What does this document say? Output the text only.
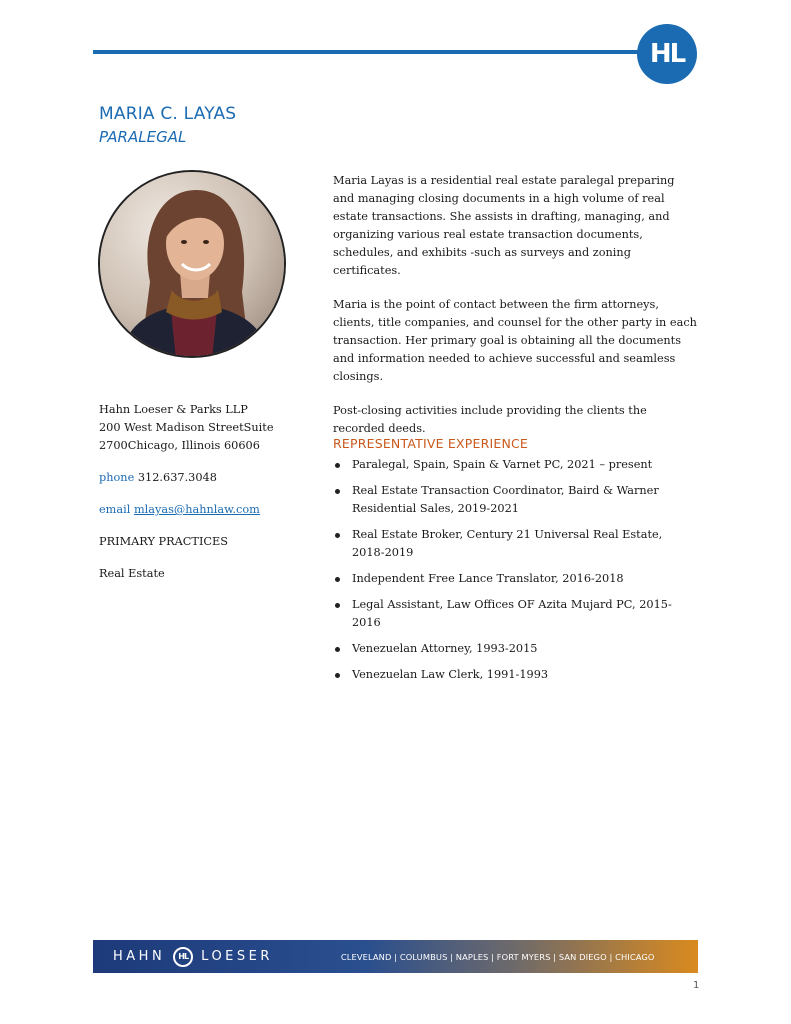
HL
MARIA C. LAYAS
PARALEGAL

Maria Layas is a residential real estate paralegal preparing and managing closing documents in a high volume of real estate transactions. She assists in drafting, managing, and organizing various real estate transaction documents, schedules, and exhibits -such as surveys and zoning certificates.

Maria is the point of contact between the firm attorneys, clients, title companies, and counsel for the other party in each transaction. Her primary goal is obtaining all the documents and information needed to achieve successful and seamless closings.

Post-closing activities include providing the clients the recorded deeds.

Hahn Loeser & Parks LLP
200 West Madison StreetSuite
2700Chicago, Illinois 60606
phone 312.637.3048
email mlayas@hahnlaw.com
PRIMARY PRACTICES
Real Estate
REPRESENTATIVE EXPERIENCE
Paralegal, Spain, Spain & Varnet PC, 2021 – present
Real Estate Transaction Coordinator, Baird & Warner Residential Sales, 2019-2021
Real Estate Broker, Century 21 Universal Real Estate, 2018-2019
Independent Free Lance Translator, 2016-2018
Legal Assistant, Law Offices OF Azita Mujard PC, 2015-2016
Venezuelan Attorney, 1993-2015
Venezuelan Law Clerk, 1991-1993
HAHN	HL	LOESER	CLEVELAND | COLUMBUS | NAPLES | FORT MYERS | SAN DIEGO | CHICAGO
1
